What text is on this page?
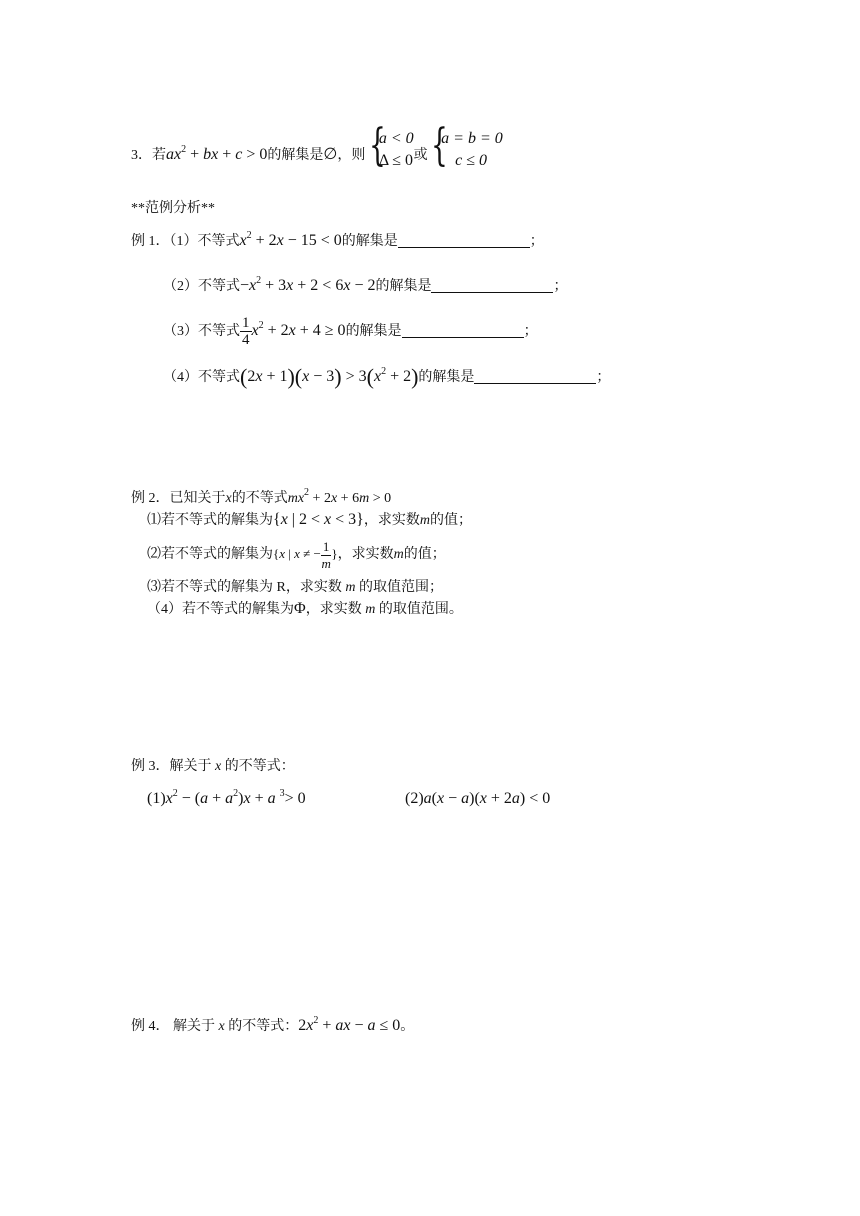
3．若$ax^2$ + bx + c > 0的解集是∅，则 {
a < 0
Δ ≤ 0 或 {
a = b = 0
c ≤ 0
**范例分析**
例 1．（1）不等式$x^2 + 2x - 15 < 0$的解集是	；
（2）不等式$-x^2 + 3x + 2 < 6x - 2$的解集是	；
（3）不等式 $\frac{1}{4} x^2 + 2x + 4 \ge 0$的解集是	；
（4）不等式$(2x + 1)(x - 3) > 3(x^2 + 2)$的解集是	；
例 2．已知关于x的不等式$mx^2 + 2x + 6m > 0$
⑴若不等式的解集为{x | 2 < x < 3}，求实数m的值；
⑵若不等式的解集为{x | x ≠ − $\frac{1}{m}$ }，求实数m的值；
⑶若不等式的解集为 R，求实数 m 的取值范围；
（4）若不等式的解集为Φ，求实数 m 的取值范围。
例 3．解关于 x 的不等式：
$(1)x^2 - (a + a^2)x + a$ $^3$> 0	(2)a(x − a)(x + 2a) < 0
例 4． 解关于 x 的不等式：$2x^2$ + ax − a ≤ 0。
